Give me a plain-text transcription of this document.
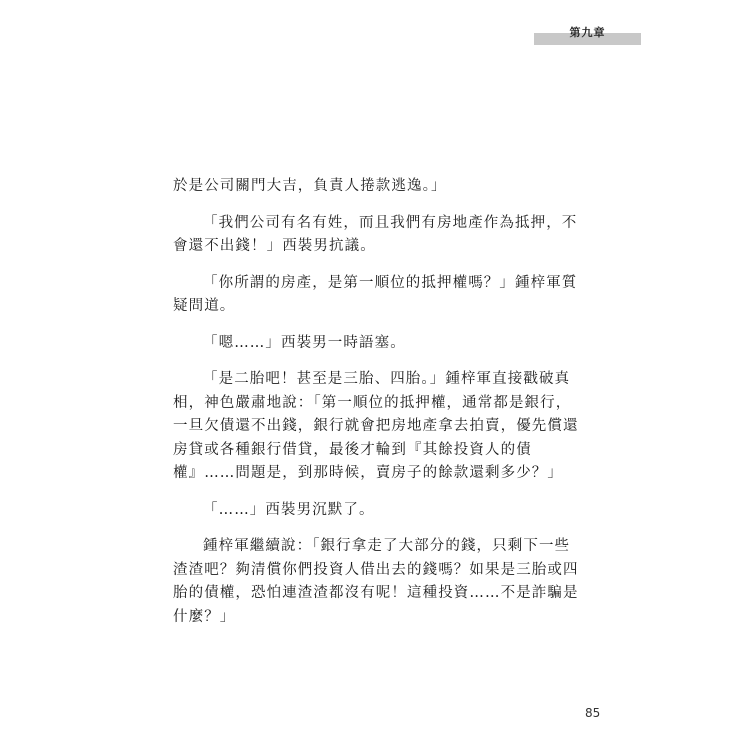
第九章

於是公司關門大吉，負責人捲款逃逸。」

「我們公司有名有姓，而且我們有房地產作為抵押，不會還不出錢！」西裝男抗議。

「你所謂的房產，是第一順位的抵押權嗎？」鍾梓軍質疑問道。

「嗯……」西裝男一時語塞。

「是二胎吧！甚至是三胎、四胎。」鍾梓軍直接戳破真相，神色嚴肅地說：「第一順位的抵押權，通常都是銀行，一旦欠債還不出錢，銀行就會把房地產拿去拍賣，優先償還房貸或各種銀行借貸，最後才輪到『其餘投資人的債權』……問題是，到那時候，賣房子的餘款還剩多少？」

「……」西裝男沉默了。

鍾梓軍繼續說：「銀行拿走了大部分的錢，只剩下一些渣渣吧？夠清償你們投資人借出去的錢嗎？如果是三胎或四胎的債權，恐怕連渣渣都沒有呢！這種投資……不是詐騙是什麼？」

85
